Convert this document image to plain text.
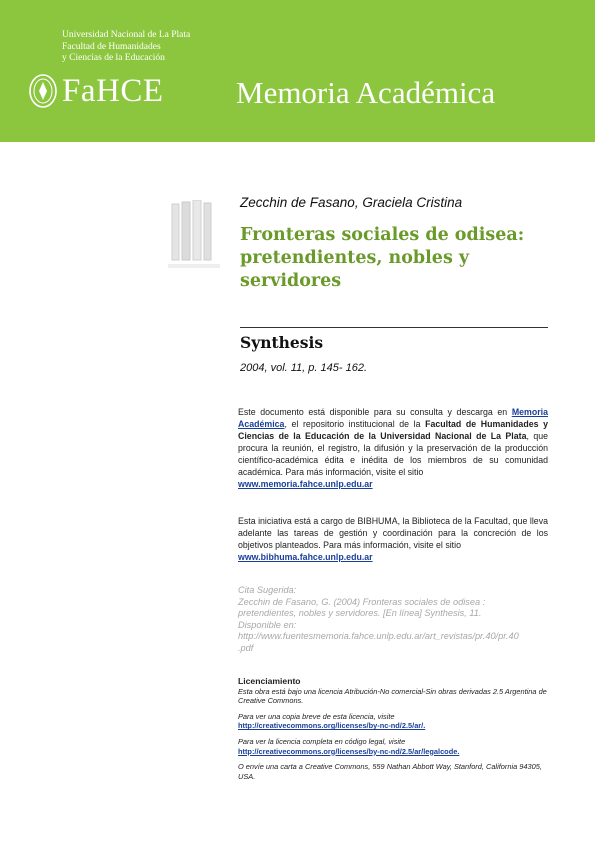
Universidad Nacional de La Plata
Facultad de Humanidades
y Ciencias de la Educación
FaHCE Memoria Académica
Zecchin de Fasano, Graciela Cristina
Fronteras sociales de odisea: pretendientes, nobles y servidores
Synthesis
2004, vol. 11, p. 145- 162.
Este documento está disponible para su consulta y descarga en Memoria Académica, el repositorio institucional de la Facultad de Humanidades y Ciencias de la Educación de la Universidad Nacional de La Plata, que procura la reunión, el registro, la difusión y la preservación de la producción científico-académica édita e inédita de los miembros de su comunidad académica. Para más información, visite el sitio
www.memoria.fahce.unlp.edu.ar
Esta iniciativa está a cargo de BIBHUMA, la Biblioteca de la Facultad, que lleva adelante las tareas de gestión y coordinación para la concreción de los objetivos planteados. Para más información, visite el sitio
www.bibhuma.fahce.unlp.edu.ar
Cita Sugerida:
Zecchin de Fasano, G. (2004) Fronteras sociales de odisea :
pretendientes, nobles y servidores. [En línea] Synthesis, 11.
Disponible en:
http://www.fuentesmemoria.fahce.unlp.edu.ar/art_revistas/pr.40/pr.40
.pdf
Licenciamiento
Esta obra está bajo una licencia Atribución-No comercial-Sin obras derivadas 2.5 Argentina de Creative Commons.
Para ver una copia breve de esta licencia, visite
http://creativecommons.org/licenses/by-nc-nd/2.5/ar/.
Para ver la licencia completa en código legal, visite
http://creativecommons.org/licenses/by-nc-nd/2.5/ar/legalcode.
O envíe una carta a Creative Commons, 559 Nathan Abbott Way, Stanford, California 94305, USA.
